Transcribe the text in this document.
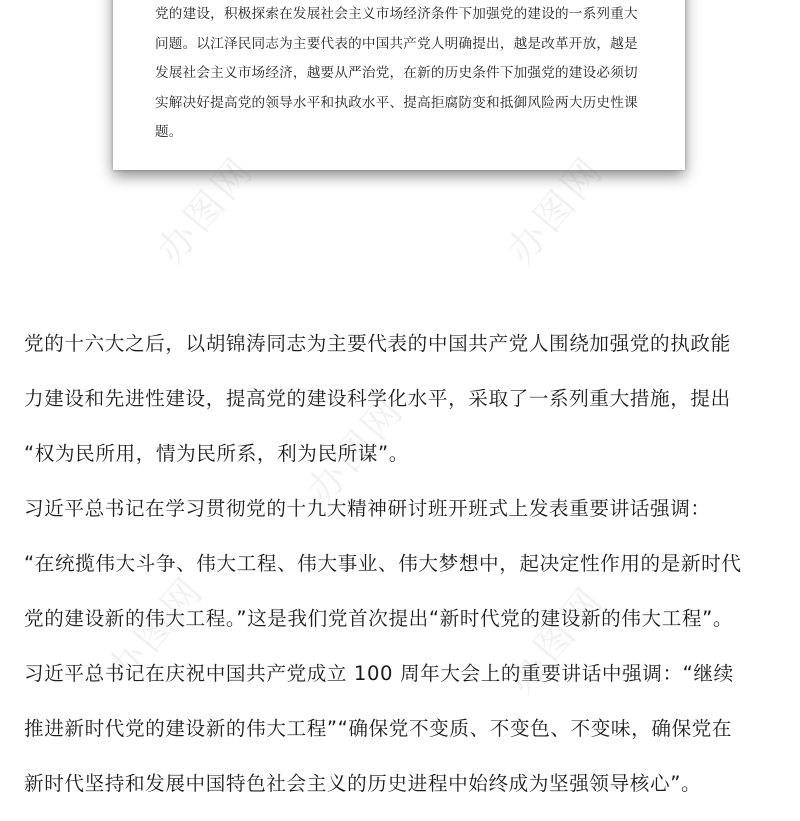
党的建设，积极探索在发展社会主义市场经济条件下加强党的建设的一系列重大
问题。以江泽民同志为主要代表的中国共产党人明确提出，越是改革开放，越是
发展社会主义市场经济，越要从严治党，在新的历史条件下加强党的建设必须切
实解决好提高党的领导水平和执政水平、提高拒腐防变和抵御风险两大历史性课
题。
党的十六大之后，以胡锦涛同志为主要代表的中国共产党人围绕加强党的执政能
力建设和先进性建设，提高党的建设科学化水平，采取了一系列重大措施，提出
“权为民所用，情为民所系，利为民所谋”。
习近平总书记在学习贯彻党的十九大精神研讨班开班式上发表重要讲话强调：
“在统揽伟大斗争、伟大工程、伟大事业、伟大梦想中，起决定性作用的是新时代
党的建设新的伟大工程。”这是我们党首次提出“新时代党的建设新的伟大工程”。
习近平总书记在庆祝中国共产党成立 100 周年大会上的重要讲话中强调：“继续
推进新时代党的建设新的伟大工程”“确保党不变质、不变色、不变味，确保党在
新时代坚持和发展中国特色社会主义的历史进程中始终成为坚强领导核心”。
办图网	办图网
办图网
办图网	办图网
